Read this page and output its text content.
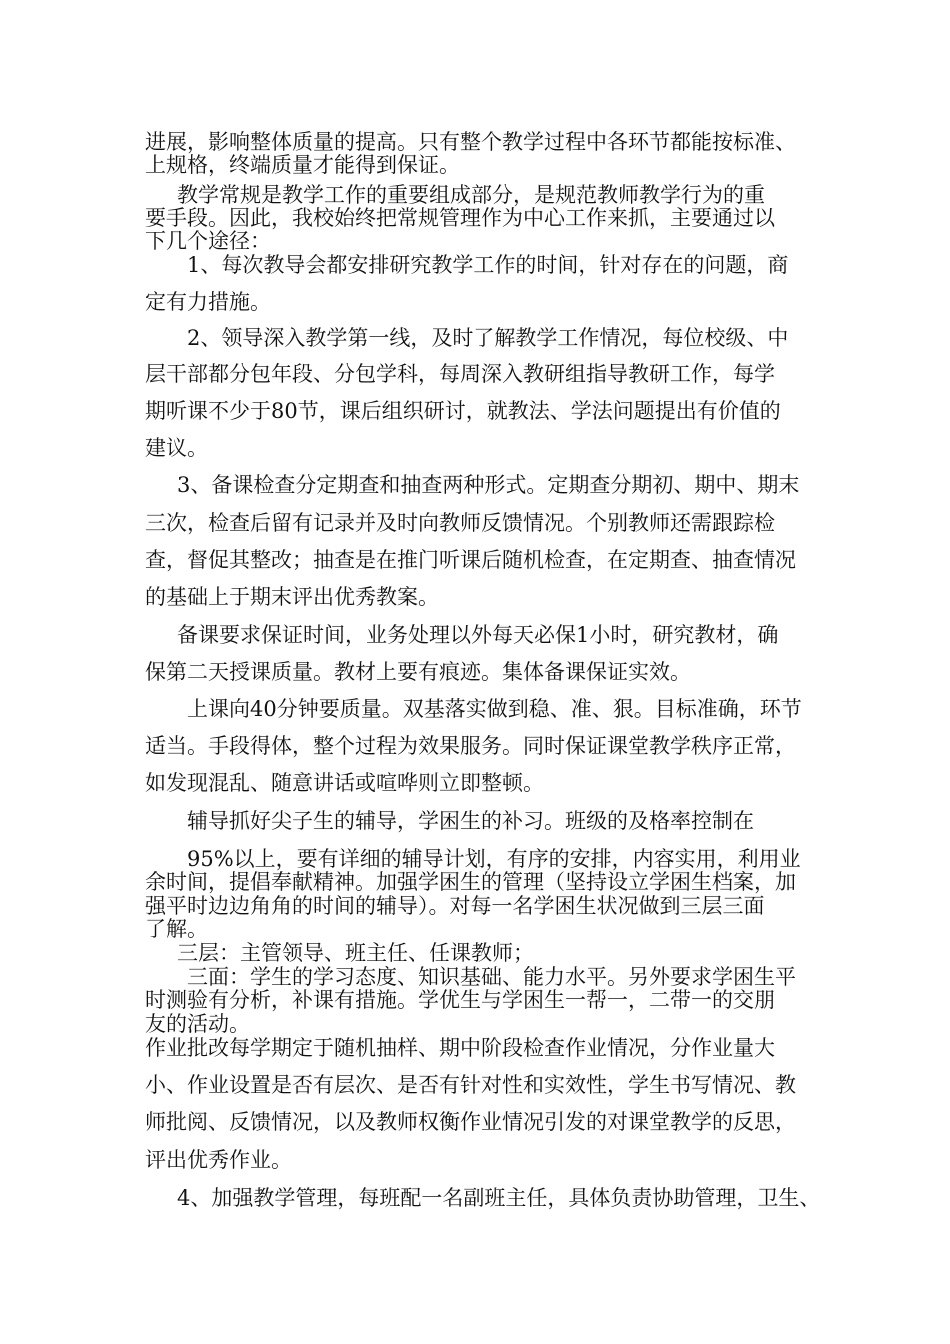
进展，影响整体质量的提高。只有整个教学过程中各环节都能按标准、
上规格，终端质量才能得到保证。
教学常规是教学工作的重要组成部分，是规范教师教学行为的重
要手段。因此，我校始终把常规管理作为中心工作来抓，主要通过以
下几个途径：
1、每次教导会都安排研究教学工作的时间，针对存在的问题，商
定有力措施。
2、领导深入教学第一线，及时了解教学工作情况，每位校级、中
层干部都分包年段、分包学科，每周深入教研组指导教研工作，每学
期听课不少于80节，课后组织研讨，就教法、学法问题提出有价值的
建议。
3、备课检查分定期查和抽查两种形式。定期查分期初、期中、期末
三次，检查后留有记录并及时向教师反馈情况。个别教师还需跟踪检
查，督促其整改；抽查是在推门听课后随机检查，在定期查、抽查情况
的基础上于期末评出优秀教案。
备课要求保证时间，业务处理以外每天必保1小时，研究教材，确
保第二天授课质量。教材上要有痕迹。集体备课保证实效。
上课向40分钟要质量。双基落实做到稳、准、狠。目标准确，环节
适当。手段得体，整个过程为效果服务。同时保证课堂教学秩序正常，
如发现混乱、随意讲话或喧哗则立即整顿。
辅导抓好尖子生的辅导，学困生的补习。班级的及格率控制在
95%以上，要有详细的辅导计划，有序的安排，内容实用，利用业
余时间，提倡奉献精神。加强学困生的管理（坚持设立学困生档案，加
强平时边边角角的时间的辅导）。对每一名学困生状况做到三层三面
了解。
三层：主管领导、班主任、任课教师；
三面：学生的学习态度、知识基础、能力水平。另外要求学困生平
时测验有分析，补课有措施。学优生与学困生一帮一，二带一的交朋
友的活动。
作业批改每学期定于随机抽样、期中阶段检查作业情况，分作业量大
小、作业设置是否有层次、是否有针对性和实效性，学生书写情况、教
师批阅、反馈情况，以及教师权衡作业情况引发的对课堂教学的反思，
评出优秀作业。
4、加强教学管理，每班配一名副班主任，具体负责协助管理，卫生、
